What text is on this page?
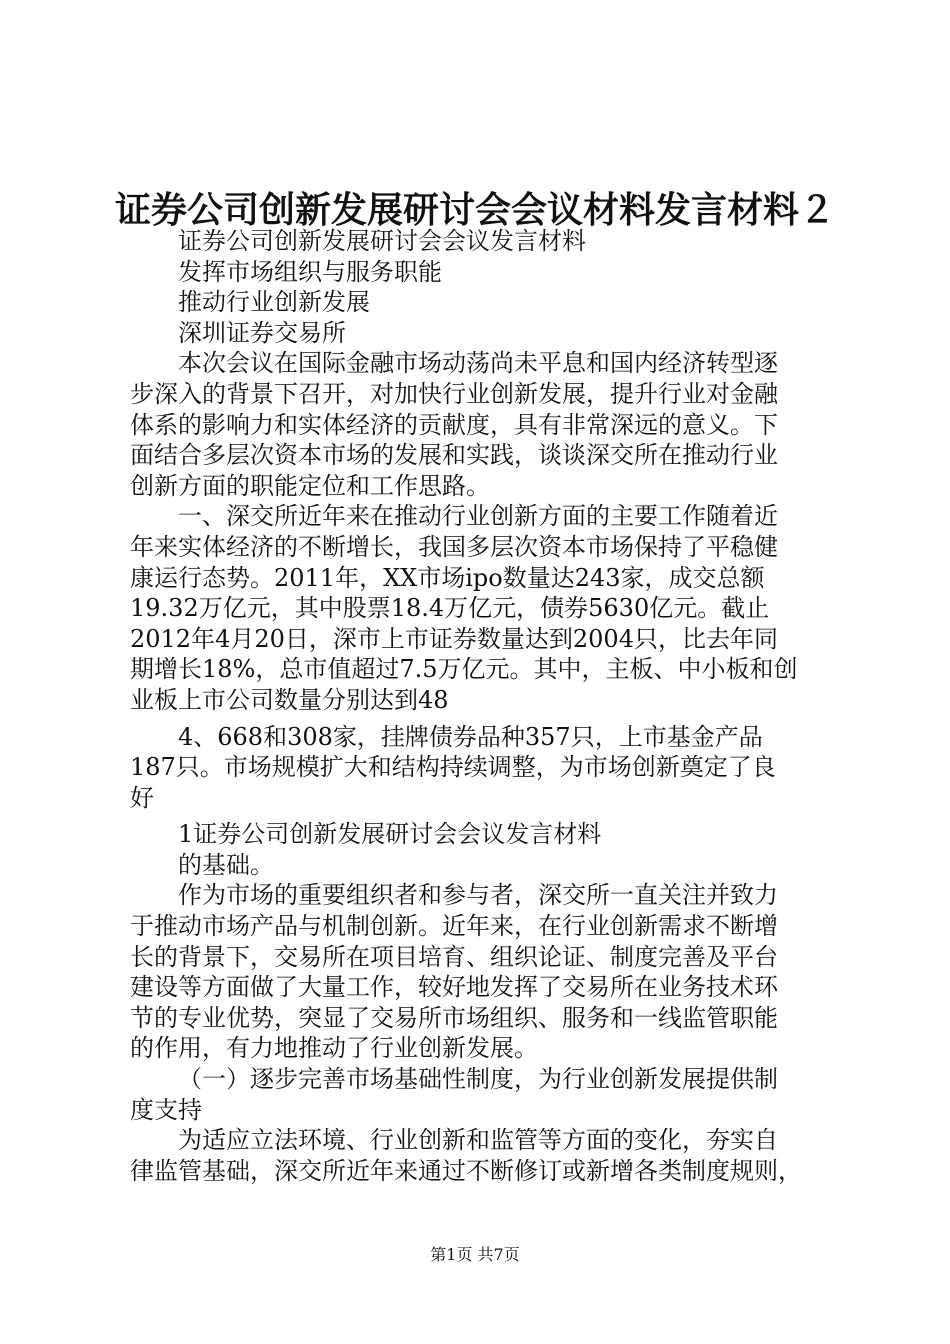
证券公司创新发展研讨会会议材料发言材料２
证券公司创新发展研讨会会议发言材料
发挥市场组织与服务职能
推动行业创新发展
深圳证券交易所
本次会议在国际金融市场动荡尚未平息和国内经济转型逐
步深入的背景下召开，对加快行业创新发展，提升行业对金融
体系的影响力和实体经济的贡献度，具有非常深远的意义。下
面结合多层次资本市场的发展和实践，谈谈深交所在推动行业
创新方面的职能定位和工作思路。
一、深交所近年来在推动行业创新方面的主要工作随着近
年来实体经济的不断增长，我国多层次资本市场保持了平稳健
康运行态势。2011年，XX市场ipo数量达243家，成交总额
19.32万亿元，其中股票18.4万亿元，债券5630亿元。截止
2012年4月20日，深市上市证券数量达到2004只，比去年同
期增长18%，总市值超过7.5万亿元。其中，主板、中小板和创
业板上市公司数量分别达到48
4、668和308家，挂牌债券品种357只，上市基金产品
187只。市场规模扩大和结构持续调整，为市场创新奠定了良
好
1证券公司创新发展研讨会会议发言材料
的基础。
作为市场的重要组织者和参与者，深交所一直关注并致力
于推动市场产品与机制创新。近年来，在行业创新需求不断增
长的背景下，交易所在项目培育、组织论证、制度完善及平台
建设等方面做了大量工作，较好地发挥了交易所在业务技术环
节的专业优势，突显了交易所市场组织、服务和一线监管职能
的作用，有力地推动了行业创新发展。
（一）逐步完善市场基础性制度，为行业创新发展提供制
度支持
为适应立法环境、行业创新和监管等方面的变化，夯实自
律监管基础，深交所近年来通过不断修订或新增各类制度规则，
第1页 共7页
